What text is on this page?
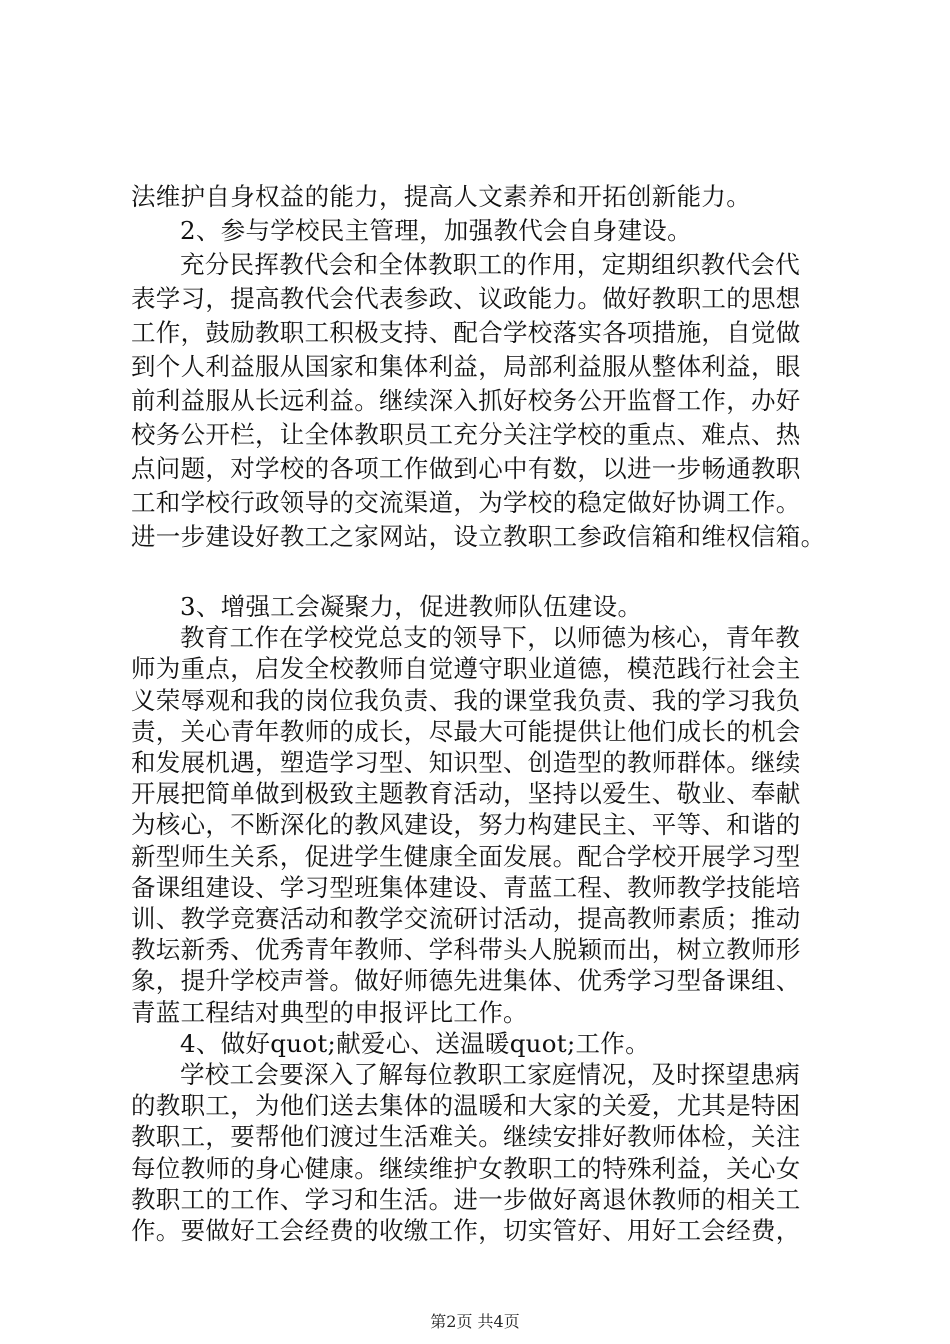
法维护自身权益的能力，提高人文素养和开拓创新能力。
2、参与学校民主管理，加强教代会自身建设。
充分民挥教代会和全体教职工的作用，定期组织教代会代
表学习，提高教代会代表参政、议政能力。做好教职工的思想
工作，鼓励教职工积极支持、配合学校落实各项措施，自觉做
到个人利益服从国家和集体利益，局部利益服从整体利益，眼
前利益服从长远利益。继续深入抓好校务公开监督工作，办好
校务公开栏，让全体教职员工充分关注学校的重点、难点、热
点问题，对学校的各项工作做到心中有数，以进一步畅通教职
工和学校行政领导的交流渠道，为学校的稳定做好协调工作。
进一步建设好教工之家网站，设立教职工参政信箱和维权信箱。
3、增强工会凝聚力，促进教师队伍建设。
教育工作在学校党总支的领导下，以师德为核心，青年教
师为重点，启发全校教师自觉遵守职业道德，模范践行社会主
义荣辱观和我的岗位我负责、我的课堂我负责、我的学习我负
责，关心青年教师的成长，尽最大可能提供让他们成长的机会
和发展机遇，塑造学习型、知识型、创造型的教师群体。继续
开展把简单做到极致主题教育活动，坚持以爱生、敬业、奉献
为核心，不断深化的教风建设，努力构建民主、平等、和谐的
新型师生关系，促进学生健康全面发展。配合学校开展学习型
备课组建设、学习型班集体建设、青蓝工程、教师教学技能培
训、教学竞赛活动和教学交流研讨活动，提高教师素质；推动
教坛新秀、优秀青年教师、学科带头人脱颖而出，树立教师形
象，提升学校声誉。做好师德先进集体、优秀学习型备课组、
青蓝工程结对典型的申报评比工作。
4、做好quot;献爱心、送温暖quot;工作。
学校工会要深入了解每位教职工家庭情况，及时探望患病
的教职工，为他们送去集体的温暖和大家的关爱，尤其是特困
教职工，要帮他们渡过生活难关。继续安排好教师体检，关注
每位教师的身心健康。继续维护女教职工的特殊利益，关心女
教职工的工作、学习和生活。进一步做好离退休教师的相关工
作。要做好工会经费的收缴工作，切实管好、用好工会经费，
第2页 共4页
